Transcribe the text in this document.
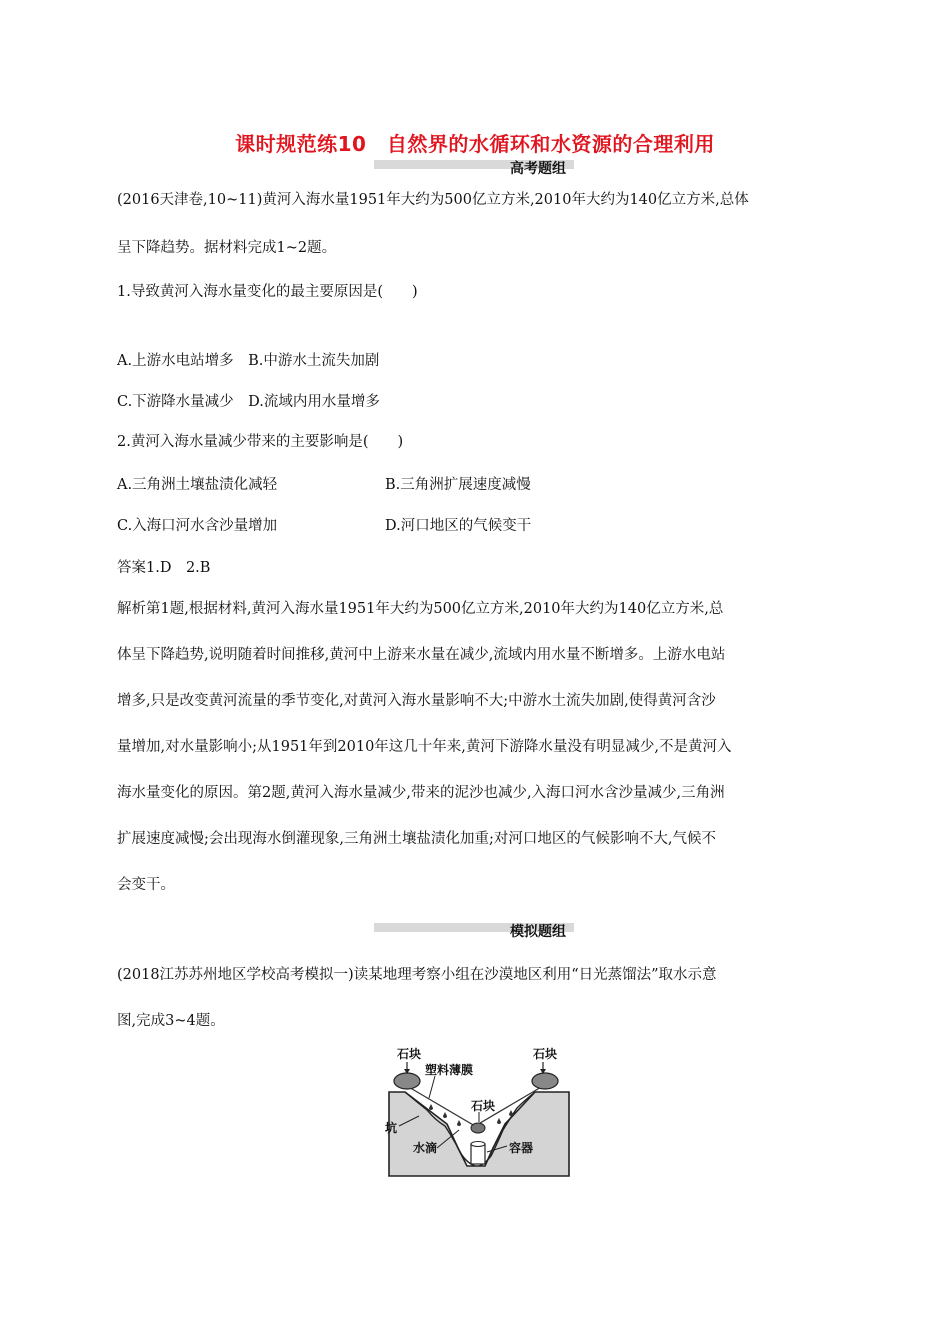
课时规范练10　自然界的水循环和水资源的合理利用
高考题组
(2016天津卷,10~11)黄河入海水量1951年大约为500亿立方米,2010年大约为140亿立方米,总体
呈下降趋势。据材料完成1~2题。
1.导致黄河入海水量变化的最主要原因是(　　)
A.上游水电站增多　B.中游水土流失加剧
C.下游降水量减少　D.流域内用水量增多
2.黄河入海水量减少带来的主要影响是(　　)
A.三角洲土壤盐渍化减轻	B.三角洲扩展速度减慢
C.入海口河水含沙量增加	D.河口地区的气候变干
答案1.D　2.B
解析第1题,根据材料,黄河入海水量1951年大约为500亿立方米,2010年大约为140亿立方米,总
体呈下降趋势,说明随着时间推移,黄河中上游来水量在减少,流域内用水量不断增多。上游水电站
增多,只是改变黄河流量的季节变化,对黄河入海水量影响不大;中游水土流失加剧,使得黄河含沙
量增加,对水量影响小;从1951年到2010年这几十年来,黄河下游降水量没有明显减少,不是黄河入
海水量变化的原因。第2题,黄河入海水量减少,带来的泥沙也减少,入海口河水含沙量减少,三角洲
扩展速度减慢;会出现海水倒灌现象,三角洲土壤盐渍化加重;对河口地区的气候影响不大,气候不
会变干。
模拟题组
(2018江苏苏州地区学校高考模拟一)读某地理考察小组在沙漠地区利用“日光蒸馏法”取水示意
图,完成3~4题。
石块	石块
塑料薄膜
石块
坑
水滴	容器
